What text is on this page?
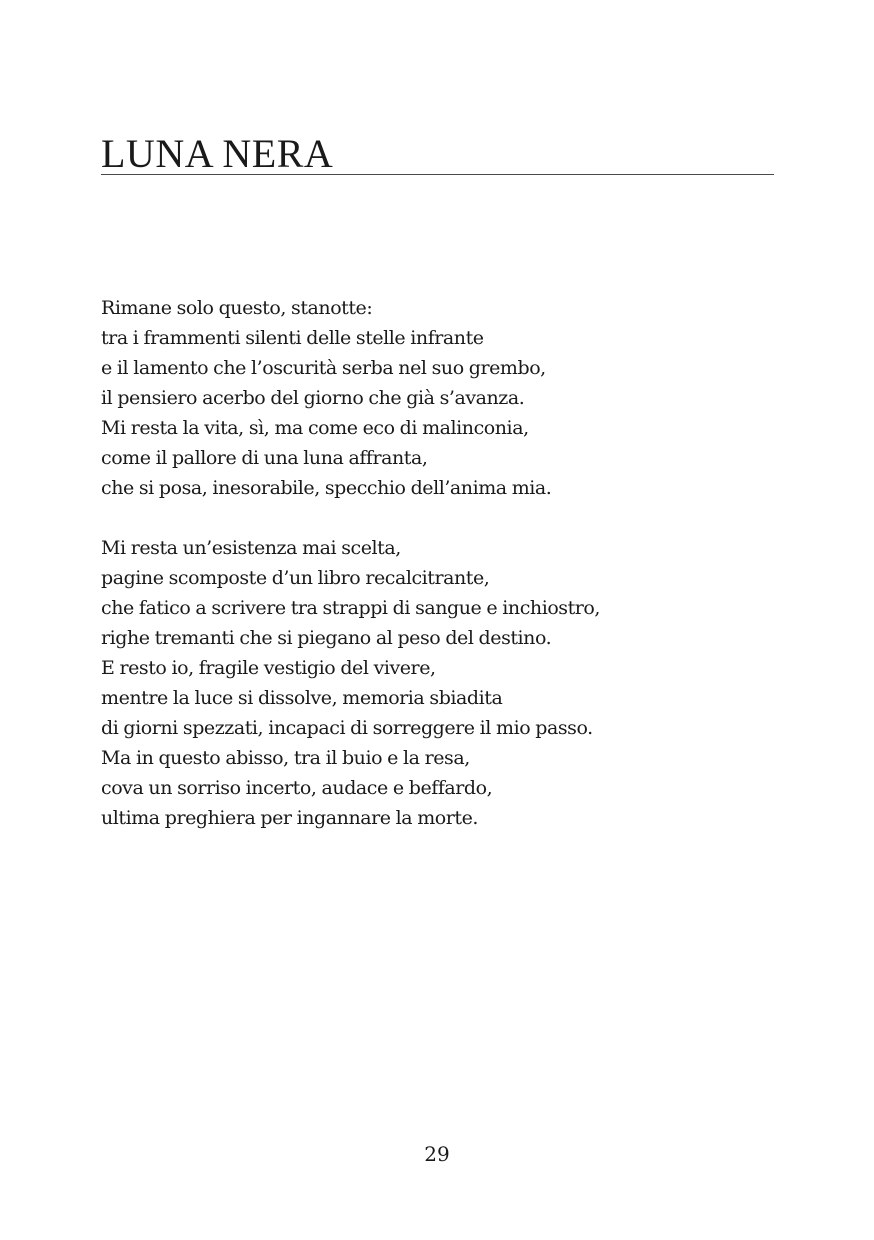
LUNA NERA
Rimane solo questo, stanotte:
tra i frammenti silenti delle stelle infrante
e il lamento che l’oscurità serba nel suo grembo,
il pensiero acerbo del giorno che già s’avanza.
Mi resta la vita, sì, ma come eco di malinconia,
come il pallore di una luna affranta,
che si posa, inesorabile, specchio dell’anima mia.
Mi resta un’esistenza mai scelta,
pagine scomposte d’un libro recalcitrante,
che fatico a scrivere tra strappi di sangue e inchiostro,
righe tremanti che si piegano al peso del destino.
E resto io, fragile vestigio del vivere,
mentre la luce si dissolve, memoria sbiadita
di giorni spezzati, incapaci di sorreggere il mio passo.
Ma in questo abisso, tra il buio e la resa,
cova un sorriso incerto, audace e beffardo,
ultima preghiera per ingannare la morte.
29
